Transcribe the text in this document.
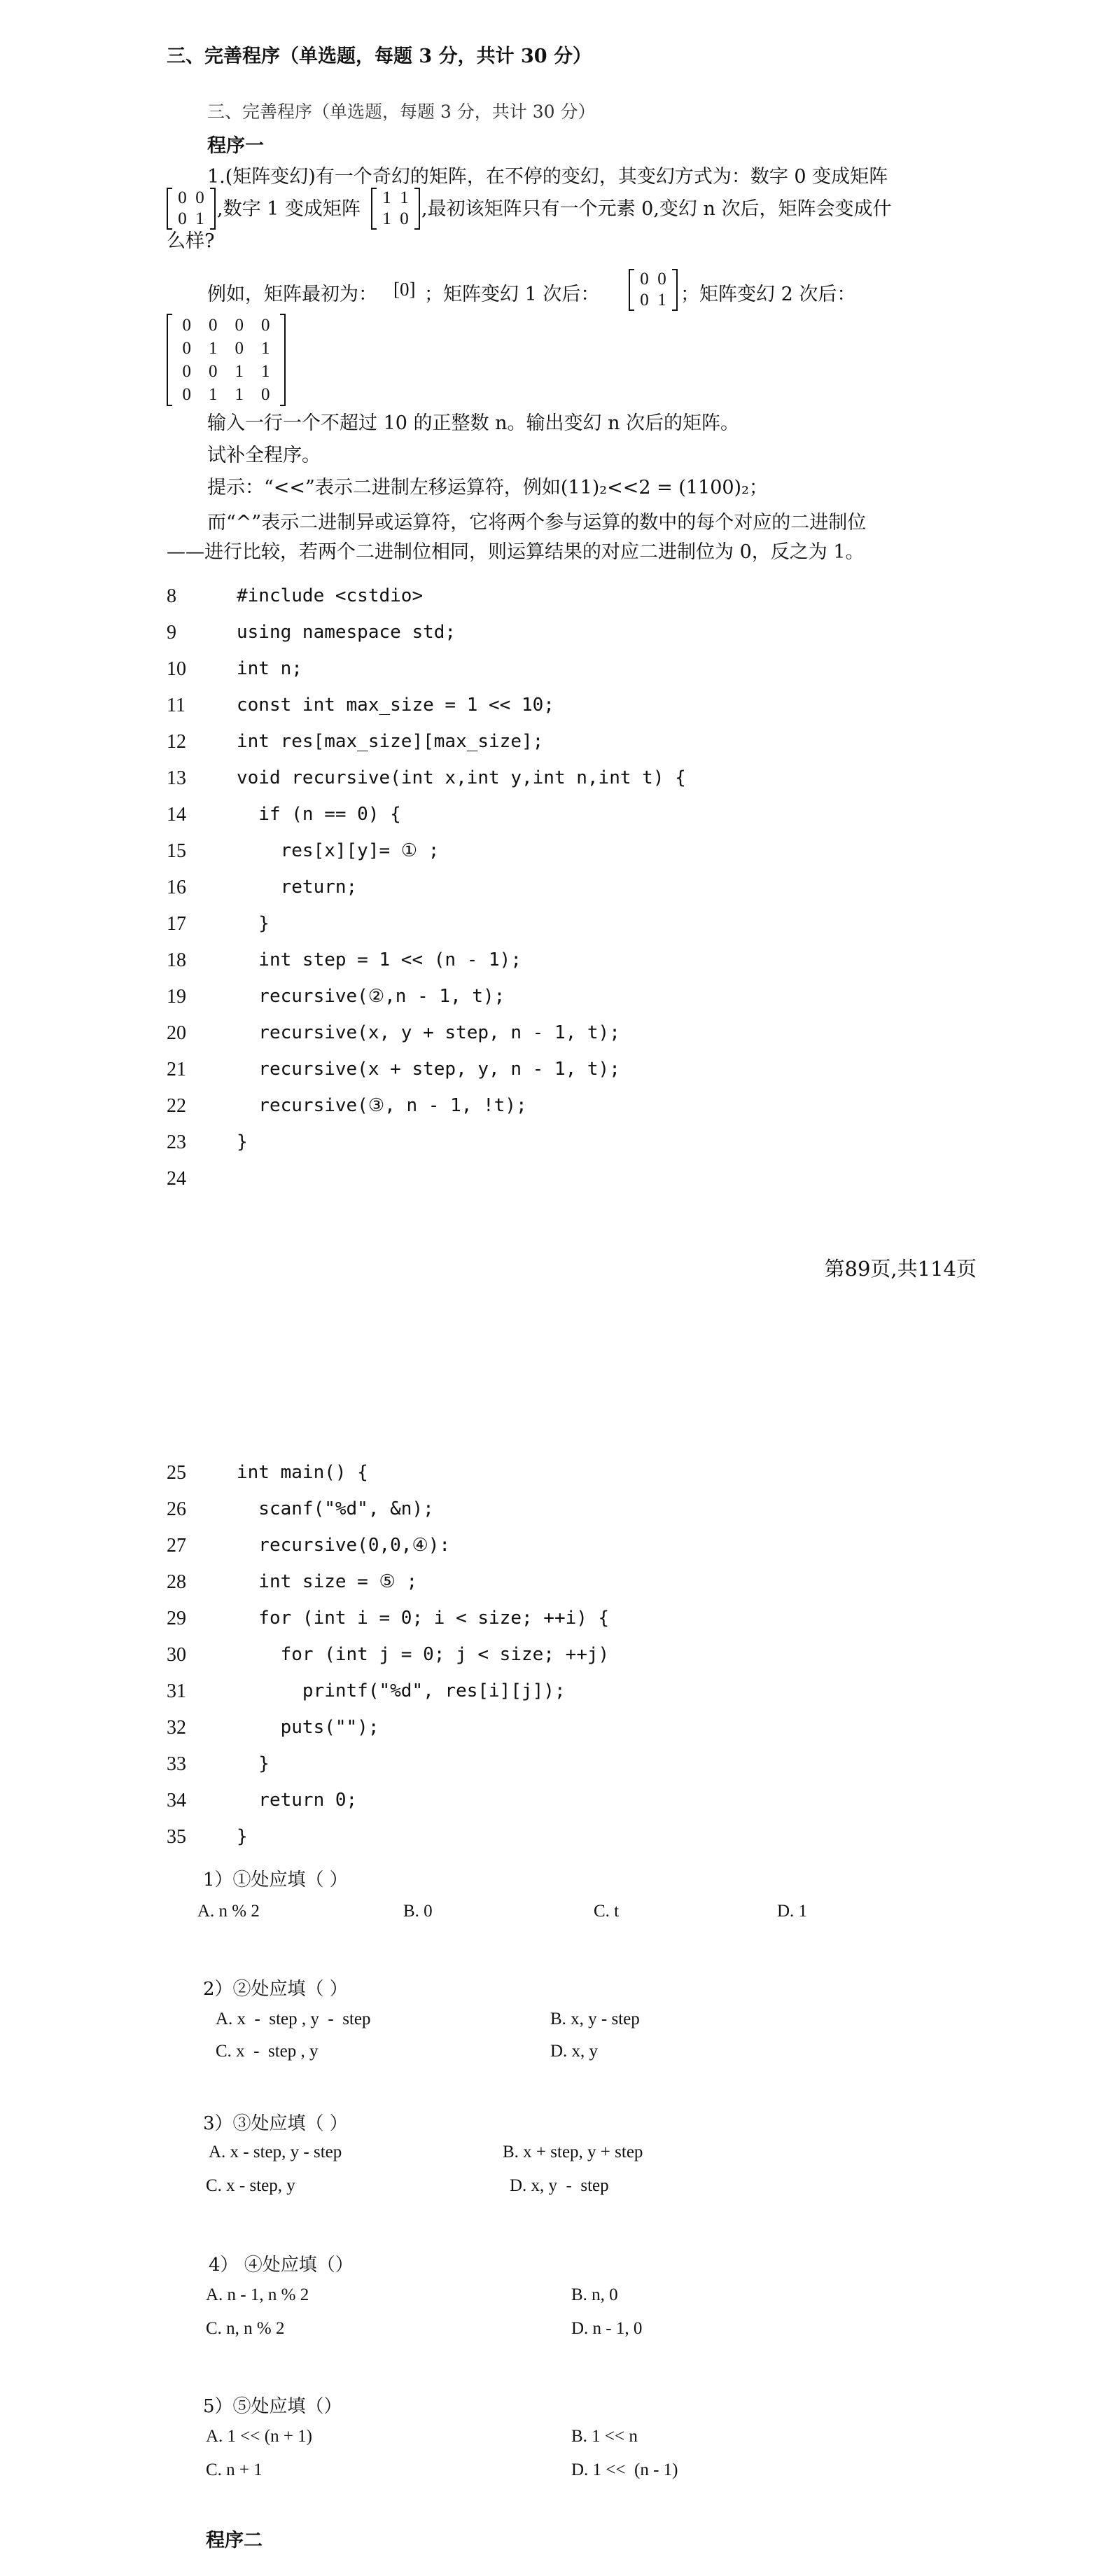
三、完善程序（单选题，每题 3 分，共计 30 分）
三、完善程序（单选题，每题 3 分，共计 30 分）
程序一
1.(矩阵变幻)有一个奇幻的矩阵，在不停的变幻，其变幻方式为：数字 0 变成矩阵
0 0
0 1 ,数字 1 变成矩阵
1 1
1 0 ,最初该矩阵只有一个元素 0,变幻 n 次后，矩阵会变成什
么样?
例如，矩阵最初为： [0] ；矩阵变幻 1 次后：
0 0
0 1 ；矩阵变幻 2 次后：
0 0 0 0
0 1 0 1
0 0 1 1
0 1 1 0
输入一行一个不超过 10 的正整数 n。输出变幻 n 次后的矩阵。
试补全程序。
提示：“<<”表示二进制左移运算符，例如(11)₂<<2 = (1100)₂；
而“^”表示二进制异或运算符，它将两个参与运算的数中的每个对应的二进制位
——进行比较，若两个二进制位相同，则运算结果的对应二进制位为 0，反之为 1。
8	#include <cstdio>
9	using namespace std;
10	int n;
11	const int max_size = 1 << 10;
12	int res[max_size][max_size];
13	void recursive(int x,int y,int n,int t) {
14	if (n == 0) {
15	res[x][y]= ① ;
16	return;
17	}
18	int step = 1 << (n - 1);
19	recursive(②,n - 1, t);
20	recursive(x, y + step, n - 1, t);
21	recursive(x + step, y, n - 1, t);
22	recursive(③, n - 1, !t);
23	}
24
第89页,共114页
25	int main() {
26	scanf("%d", &n);
27	recursive(0,0,④):
28	int size = ⑤ ;
29	for (int i = 0; i < size; ++i) {
30	for (int j = 0; j < size; ++j)
31	printf("%d", res[i][j]);
32	puts("");
33	}
34	return 0;
35	}
1）①处应填（ ）
A. n % 2	B. 0	C. t	D. 1
2）②处应填（ ）
A. x  -  step , y  -  step	B. x, y - step
C. x  -  step , y	D. x, y
3）③处应填（ ）
A. x - step, y - step	B. x + step, y + step
C. x - step, y	D. x, y  -  step
4） ④处应填（）
A. n - 1, n % 2	B. n, 0
C. n, n % 2	D. n - 1, 0
5）⑤处应填（）
A. 1 << (n + 1)	B. 1 << n
C. n + 1	D. 1 <<  (n - 1)
程序二
